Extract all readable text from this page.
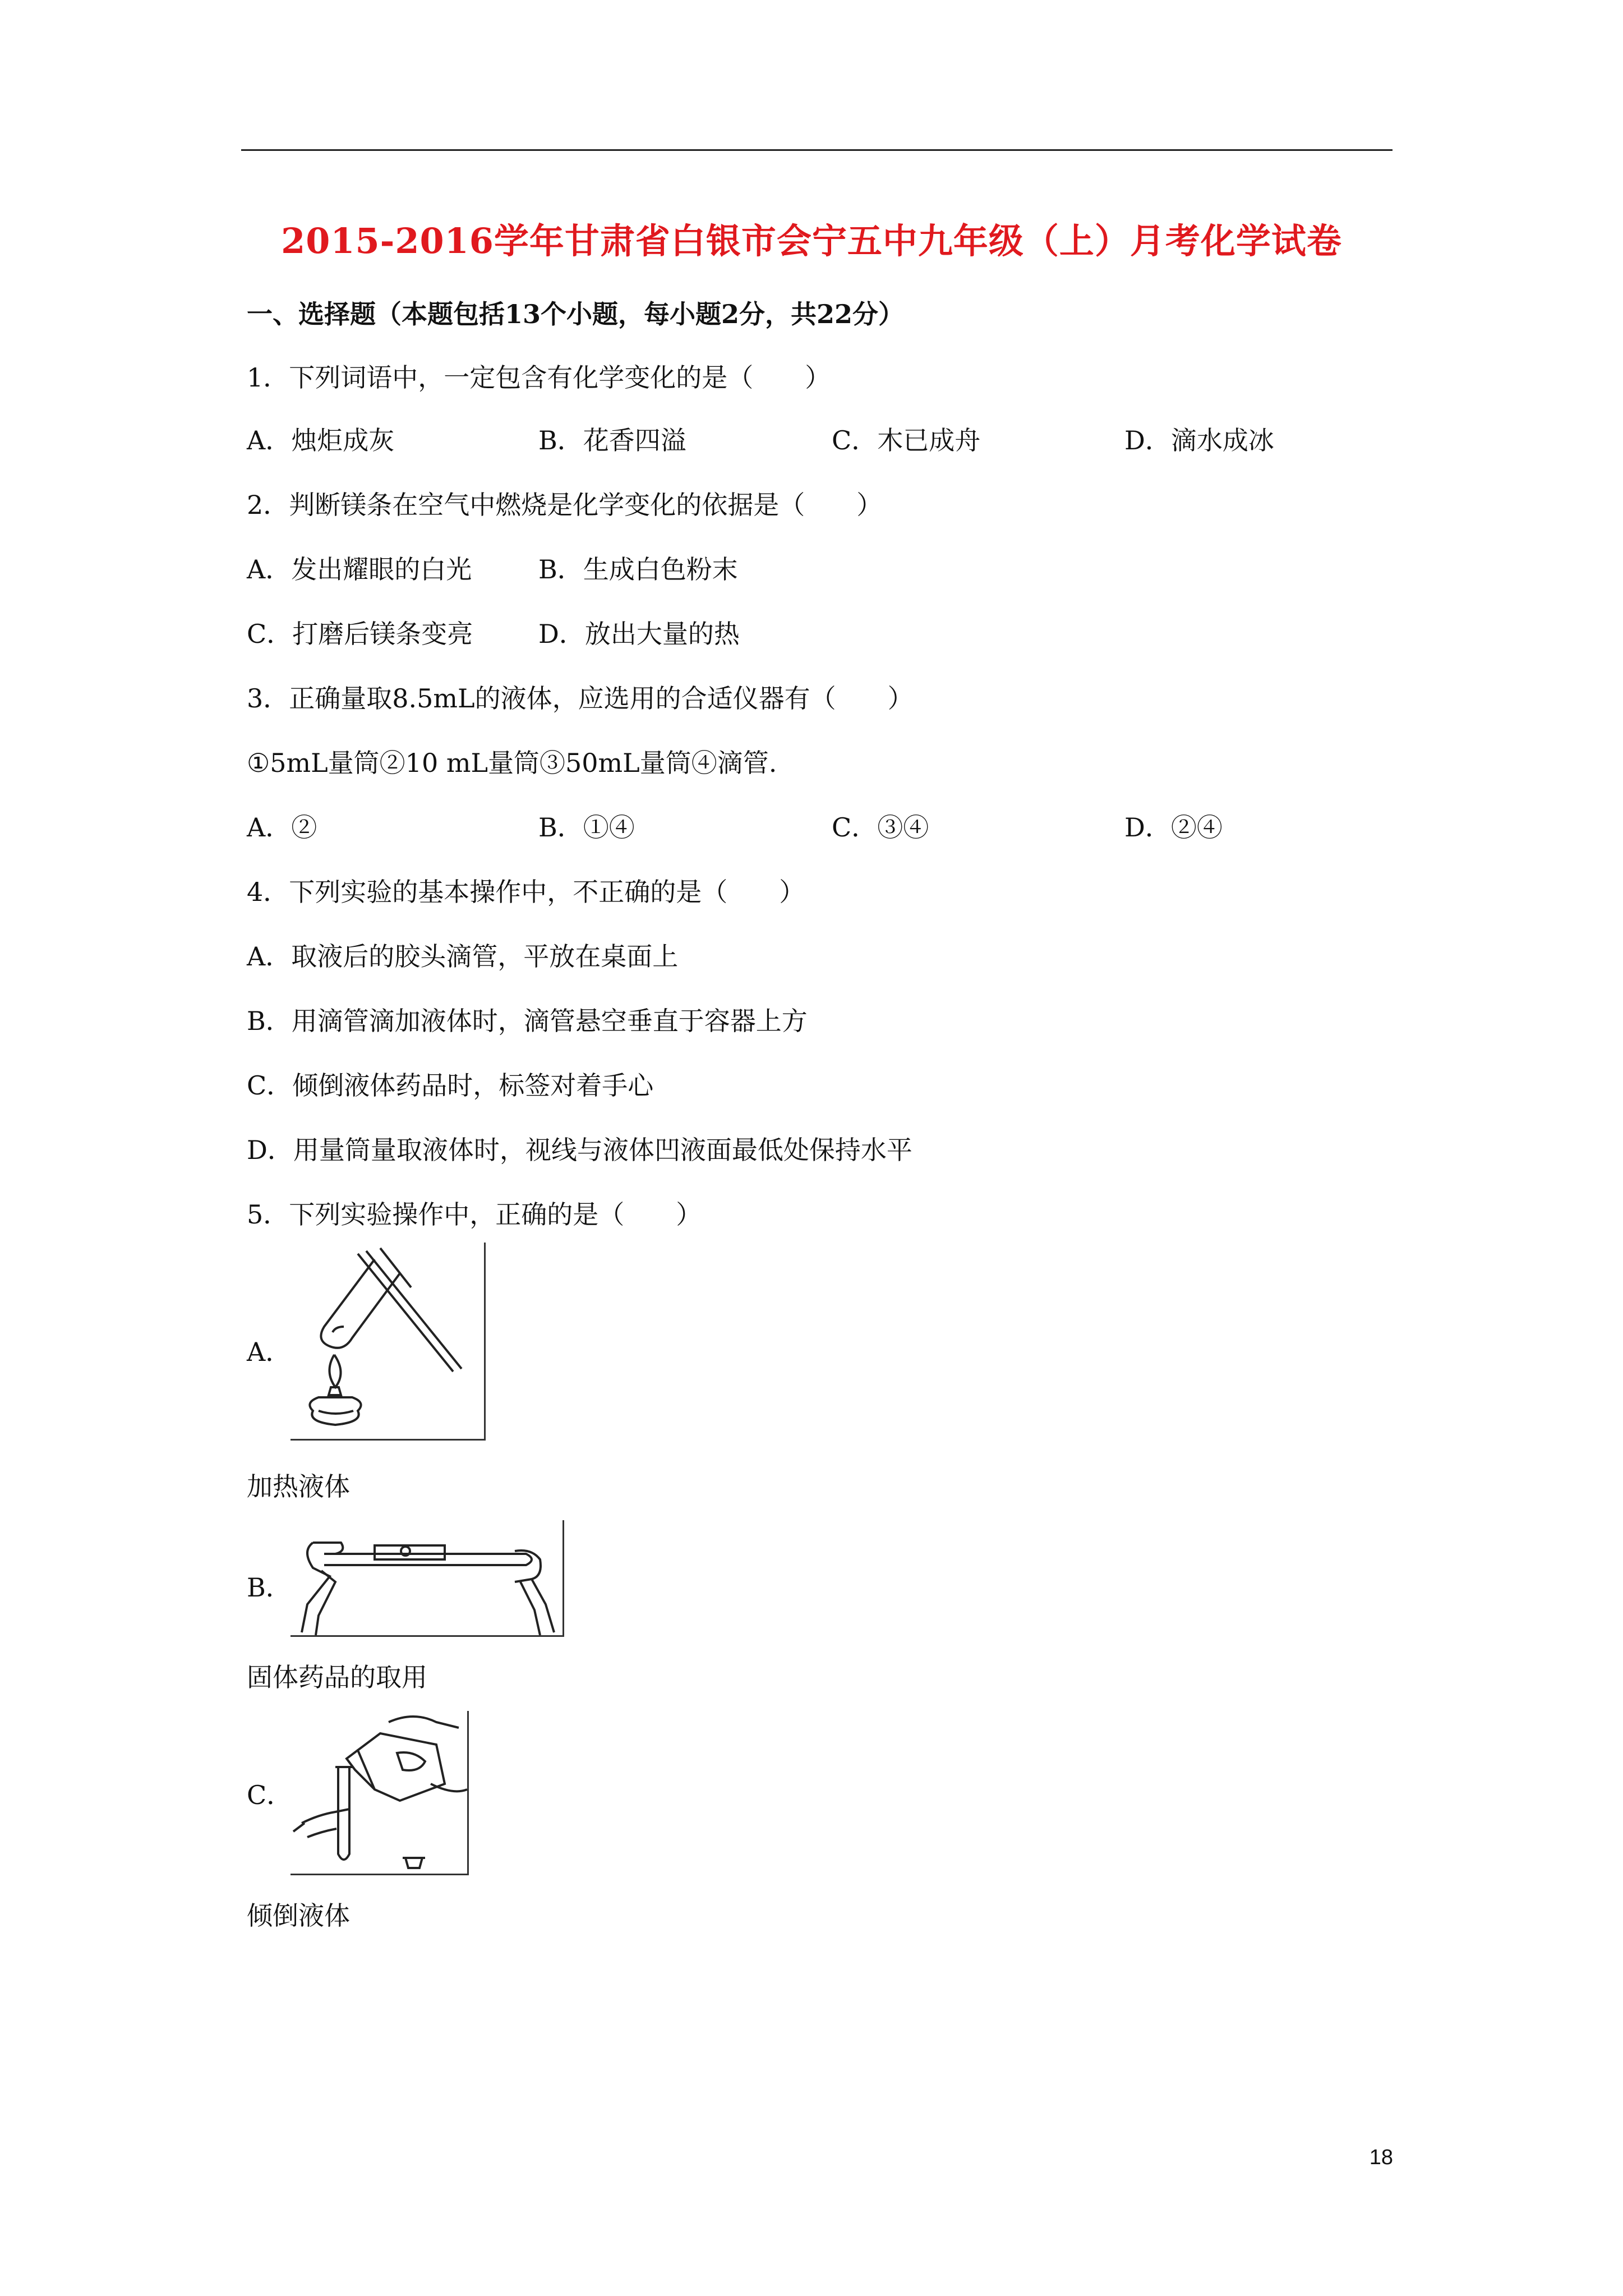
2015-2016学年甘肃省白银市会宁五中九年级（上）月考化学试卷
一、选择题（本题包括13个小题，每小题2分，共22分）
1．下列词语中，一定包含有化学变化的是（　　）
A．烛炬成灰	B．花香四溢	C．木已成舟	D．滴水成冰
2．判断镁条在空气中燃烧是化学变化的依据是（　　）
A．发出耀眼的白光	B．生成白色粉末
C．打磨后镁条变亮	D．放出大量的热
3．正确量取8.5mL的液体，应选用的合适仪器有（　　）
①5mL量筒②10 mL量筒③50mL量筒④滴管.
A．②	B．①④	C．③④	D．②④
4．下列实验的基本操作中，不正确的是（　　）
A．取液后的胶头滴管，平放在桌面上
B．用滴管滴加液体时，滴管悬空垂直于容器上方
C．倾倒液体药品时，标签对着手心
D．用量筒量取液体时，视线与液体凹液面最低处保持水平
5．下列实验操作中，正确的是（　　）
A．
加热液体
B．
固体药品的取用
C．
倾倒液体
18
